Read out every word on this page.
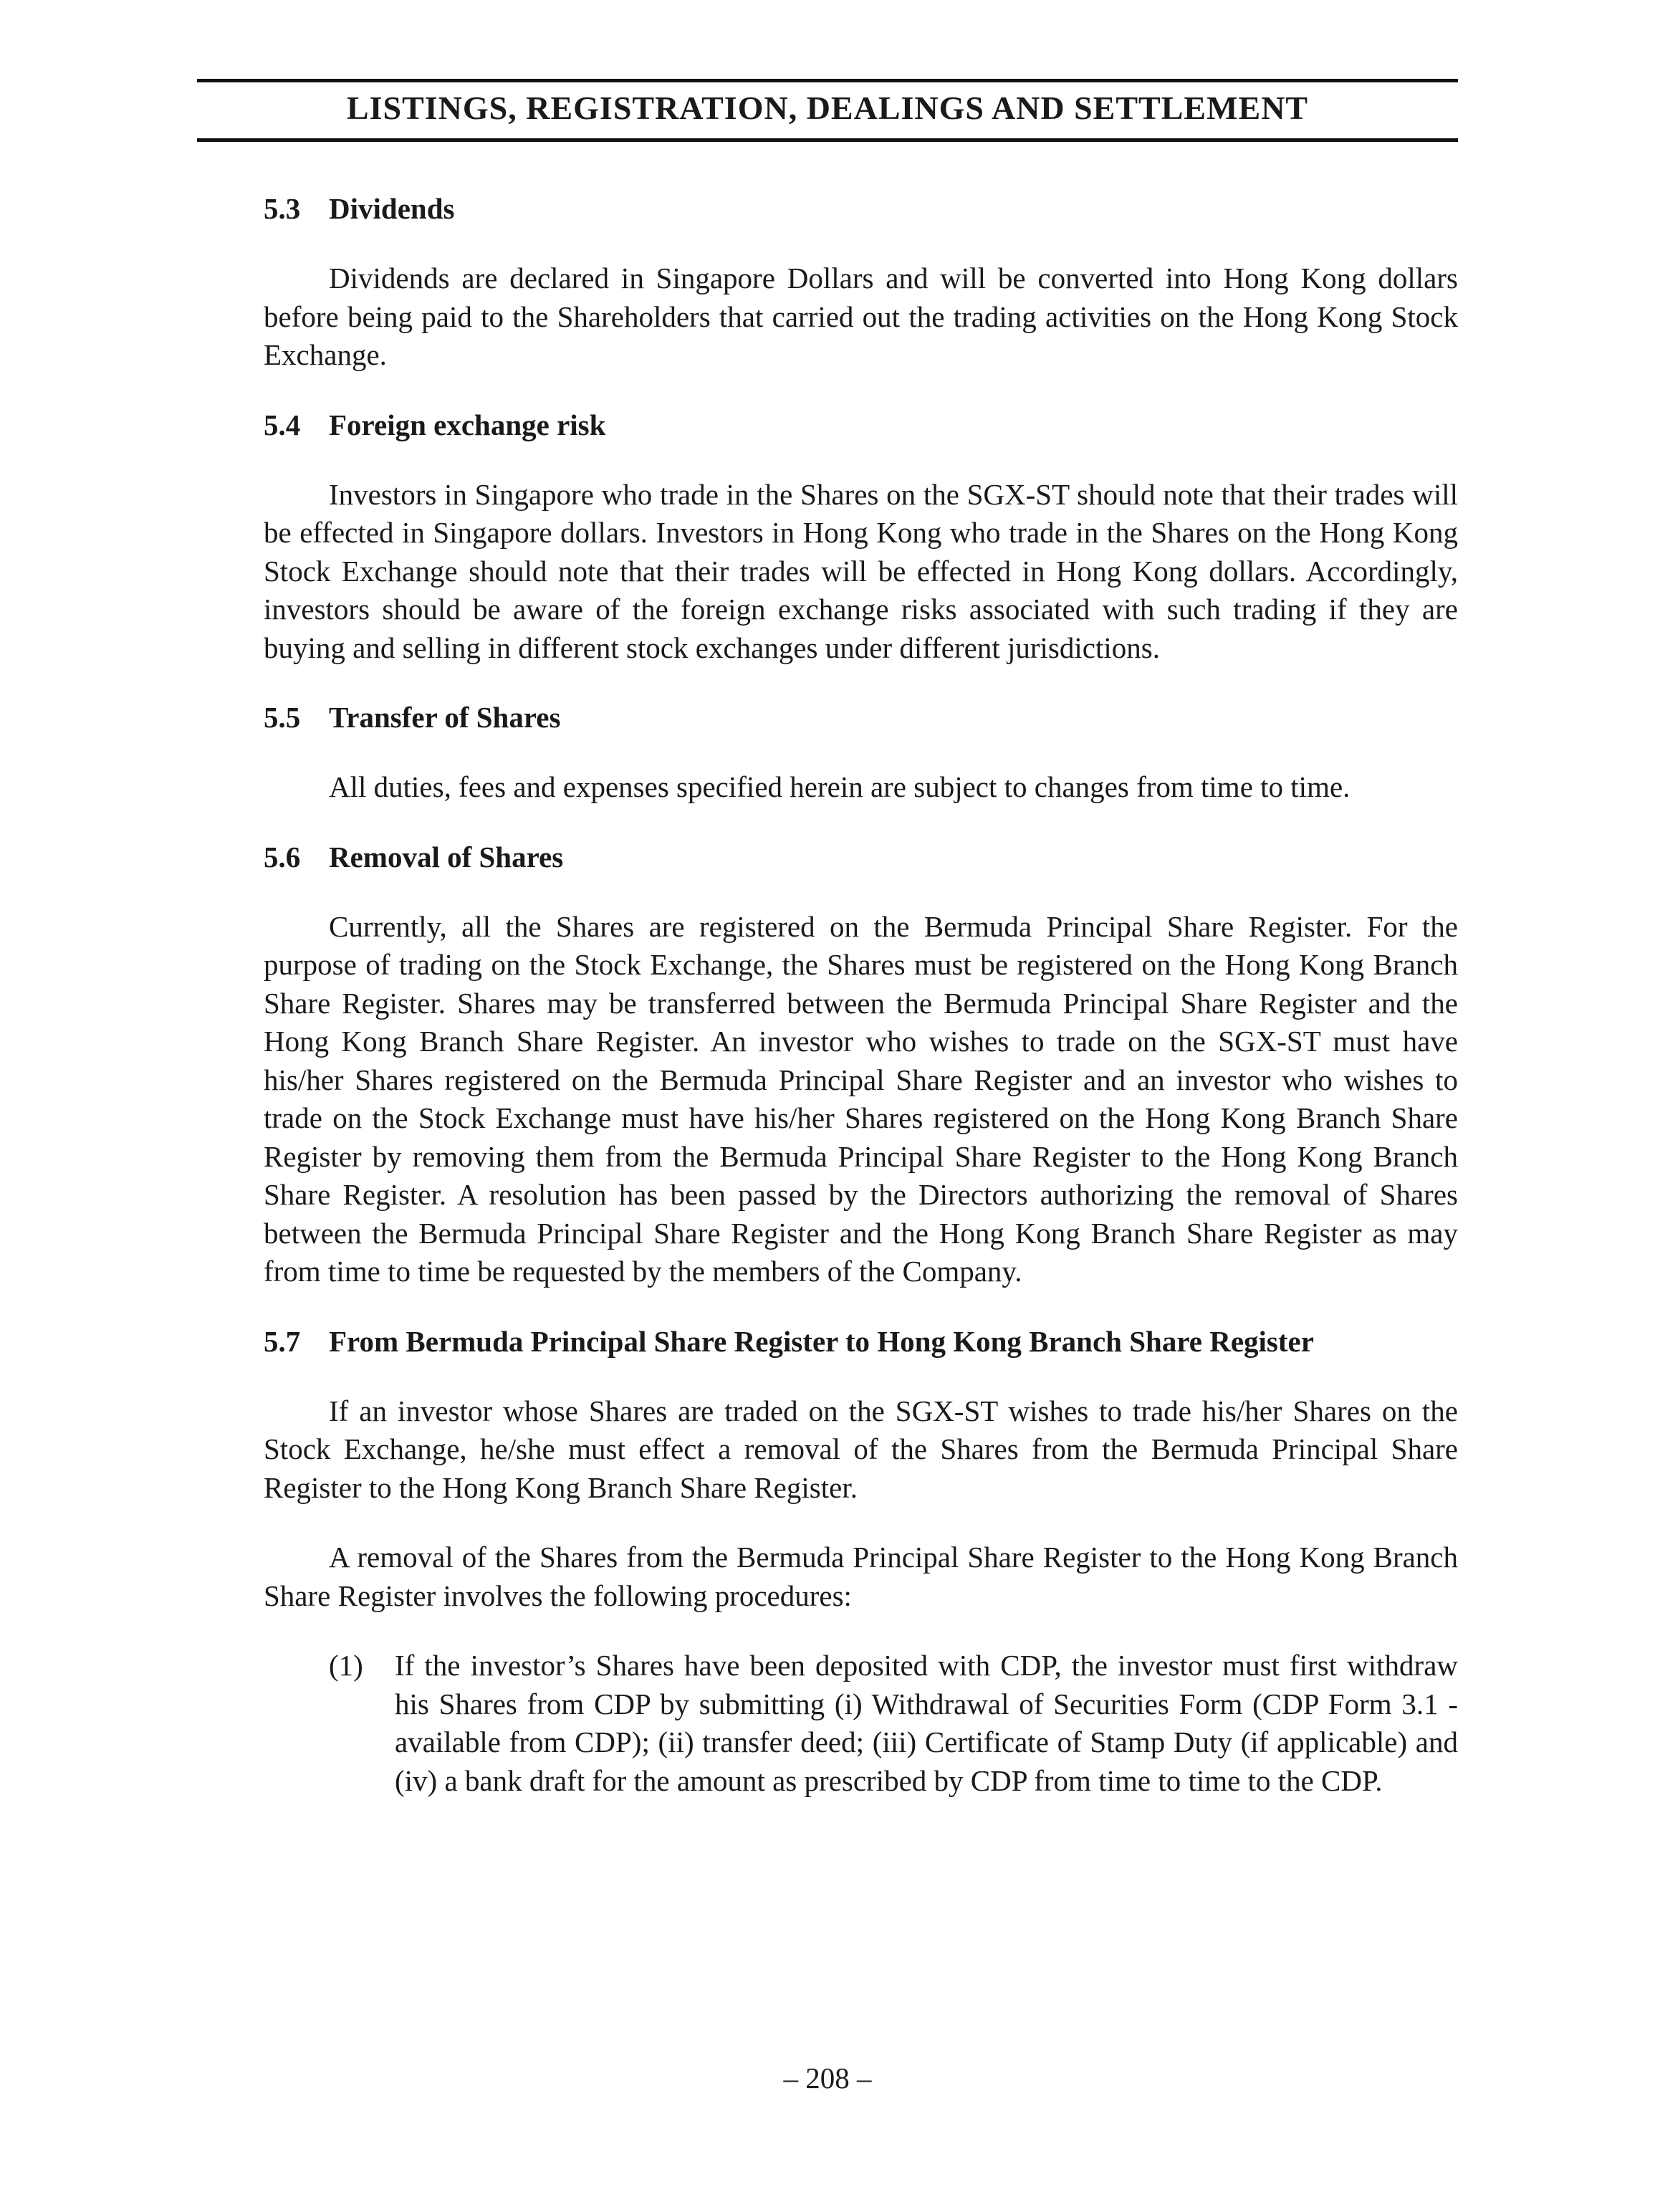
LISTINGS, REGISTRATION, DEALINGS AND SETTLEMENT
5.3 Dividends

Dividends are declared in Singapore Dollars and will be converted into Hong Kong dollars before being paid to the Shareholders that carried out the trading activities on the Hong Kong Stock Exchange.

5.4 Foreign exchange risk

Investors in Singapore who trade in the Shares on the SGX-ST should note that their trades will be effected in Singapore dollars. Investors in Hong Kong who trade in the Shares on the Hong Kong Stock Exchange should note that their trades will be effected in Hong Kong dollars. Accordingly, investors should be aware of the foreign exchange risks associated with such trading if they are buying and selling in different stock exchanges under different jurisdictions.

5.5 Transfer of Shares

All duties, fees and expenses specified herein are subject to changes from time to time.

5.6 Removal of Shares

Currently, all the Shares are registered on the Bermuda Principal Share Register. For the purpose of trading on the Stock Exchange, the Shares must be registered on the Hong Kong Branch Share Register. Shares may be transferred between the Bermuda Principal Share Register and the Hong Kong Branch Share Register. An investor who wishes to trade on the SGX-ST must have his/her Shares registered on the Bermuda Principal Share Register and an investor who wishes to trade on the Stock Exchange must have his/her Shares registered on the Hong Kong Branch Share Register by removing them from the Bermuda Principal Share Register to the Hong Kong Branch Share Register. A resolution has been passed by the Directors authorizing the removal of Shares between the Bermuda Principal Share Register and the Hong Kong Branch Share Register as may from time to time be requested by the members of the Company.

5.7 From Bermuda Principal Share Register to Hong Kong Branch Share Register

If an investor whose Shares are traded on the SGX-ST wishes to trade his/her Shares on the Stock Exchange, he/she must effect a removal of the Shares from the Bermuda Principal Share Register to the Hong Kong Branch Share Register.

A removal of the Shares from the Bermuda Principal Share Register to the Hong Kong Branch Share Register involves the following procedures:

(1)	If the investor’s Shares have been deposited with CDP, the investor must first withdraw his Shares from CDP by submitting (i) Withdrawal of Securities Form (CDP Form 3.1 - available from CDP); (ii) transfer deed; (iii) Certificate of Stamp Duty (if applicable) and (iv) a bank draft for the amount as prescribed by CDP from time to time to the CDP.
– 208 –
